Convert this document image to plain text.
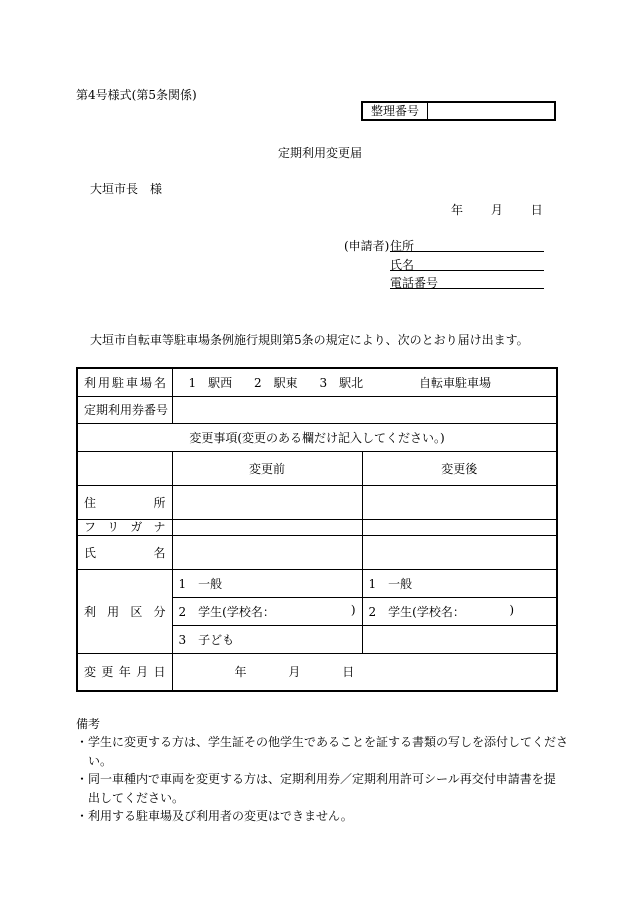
第4号様式(第5条関係)
整理番号
定期利用変更届
大垣市長　様
年 月 日
(申請者) 住所
氏名
電話番号
大垣市自転車等駐車場条例施行規則第5条の規定により、次のとおり届け出ます。
利用駐車場名	1　 駅西 2　 駅東 3　 駅北 自転車駐車場	
定期利用券番号		
変更事項(変更のある欄だけ記入してください。)		
	変更前	変更後

住 所		

フ リ ガ ナ		

氏 名		

利 用 区 分	1　一般	1　一般

	2　学生(学校名： )	2　学生(学校名： )

	3　子ども	

変 更 年 月 日	年 月 日	
備考
・学生に変更する方は、学生証その他学生であることを証する書類の写しを添付してくださ
　い。
・同一車種内で車両を変更する方は、定期利用券／定期利用許可シール再交付申請書を提
　出してください。
・利用する駐車場及び利用者の変更はできません。
